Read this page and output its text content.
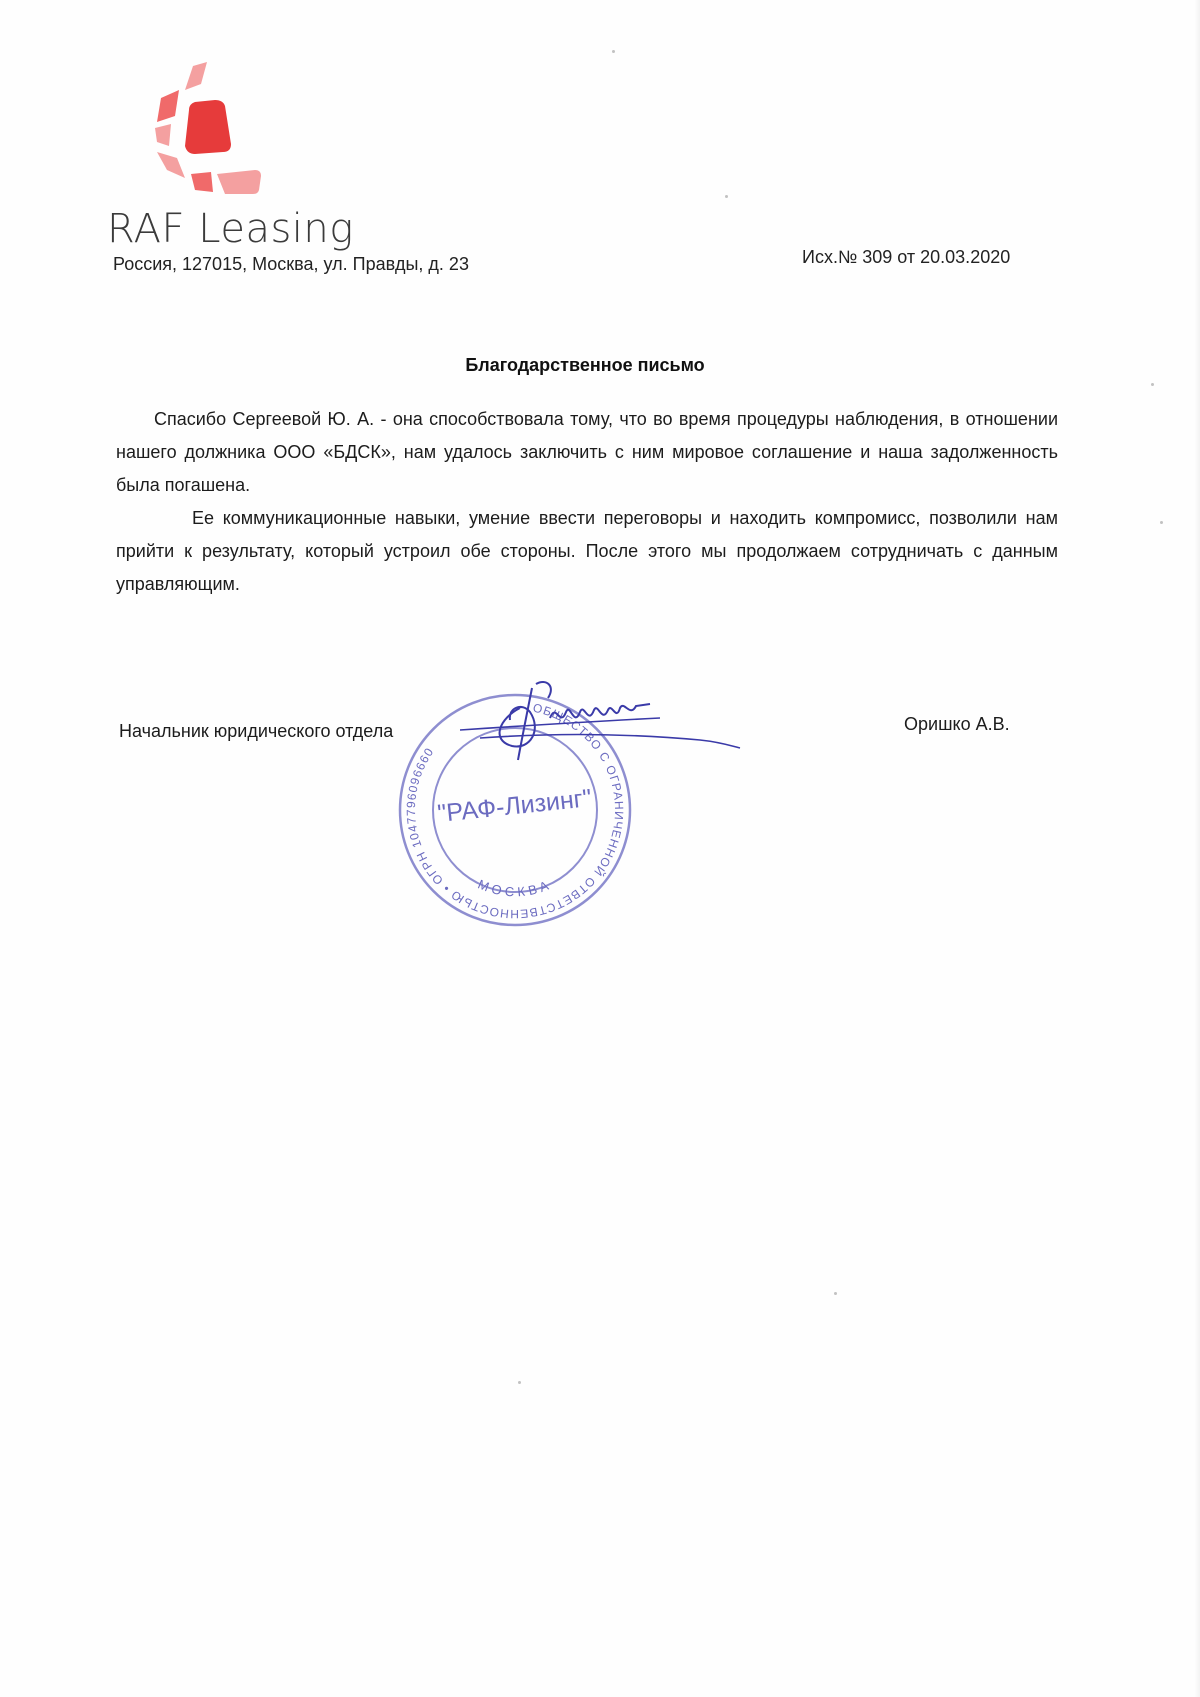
RAF Leasing
Россия, 127015, Москва, ул. Правды, д. 23	Исх.№ 309 от 20.03.2020
Благодарственное письмо

Спасибо Сергеевой Ю. А. - она способствовала тому, что во время процедуры наблюдения, в отношении нашего должника ООО «БДСК», нам удалось заключить с ним мировое соглашение и наша задолженность была погашена.

Ее коммуникационные навыки, умение ввести переговоры и находить компромисс, позволили нам прийти к результату, который устроил обе стороны. После этого мы продолжаем сотрудничать с данным управляющим.

Начальник юридического отдела	Оришко А.В.
ОБЩЕСТВО С ОГРАНИЧЕННОЙ ОТВЕТСТВЕННОСТЬЮ • ОГРН 1047796096660
"РАФ-Лизинг"
МОСКВА
